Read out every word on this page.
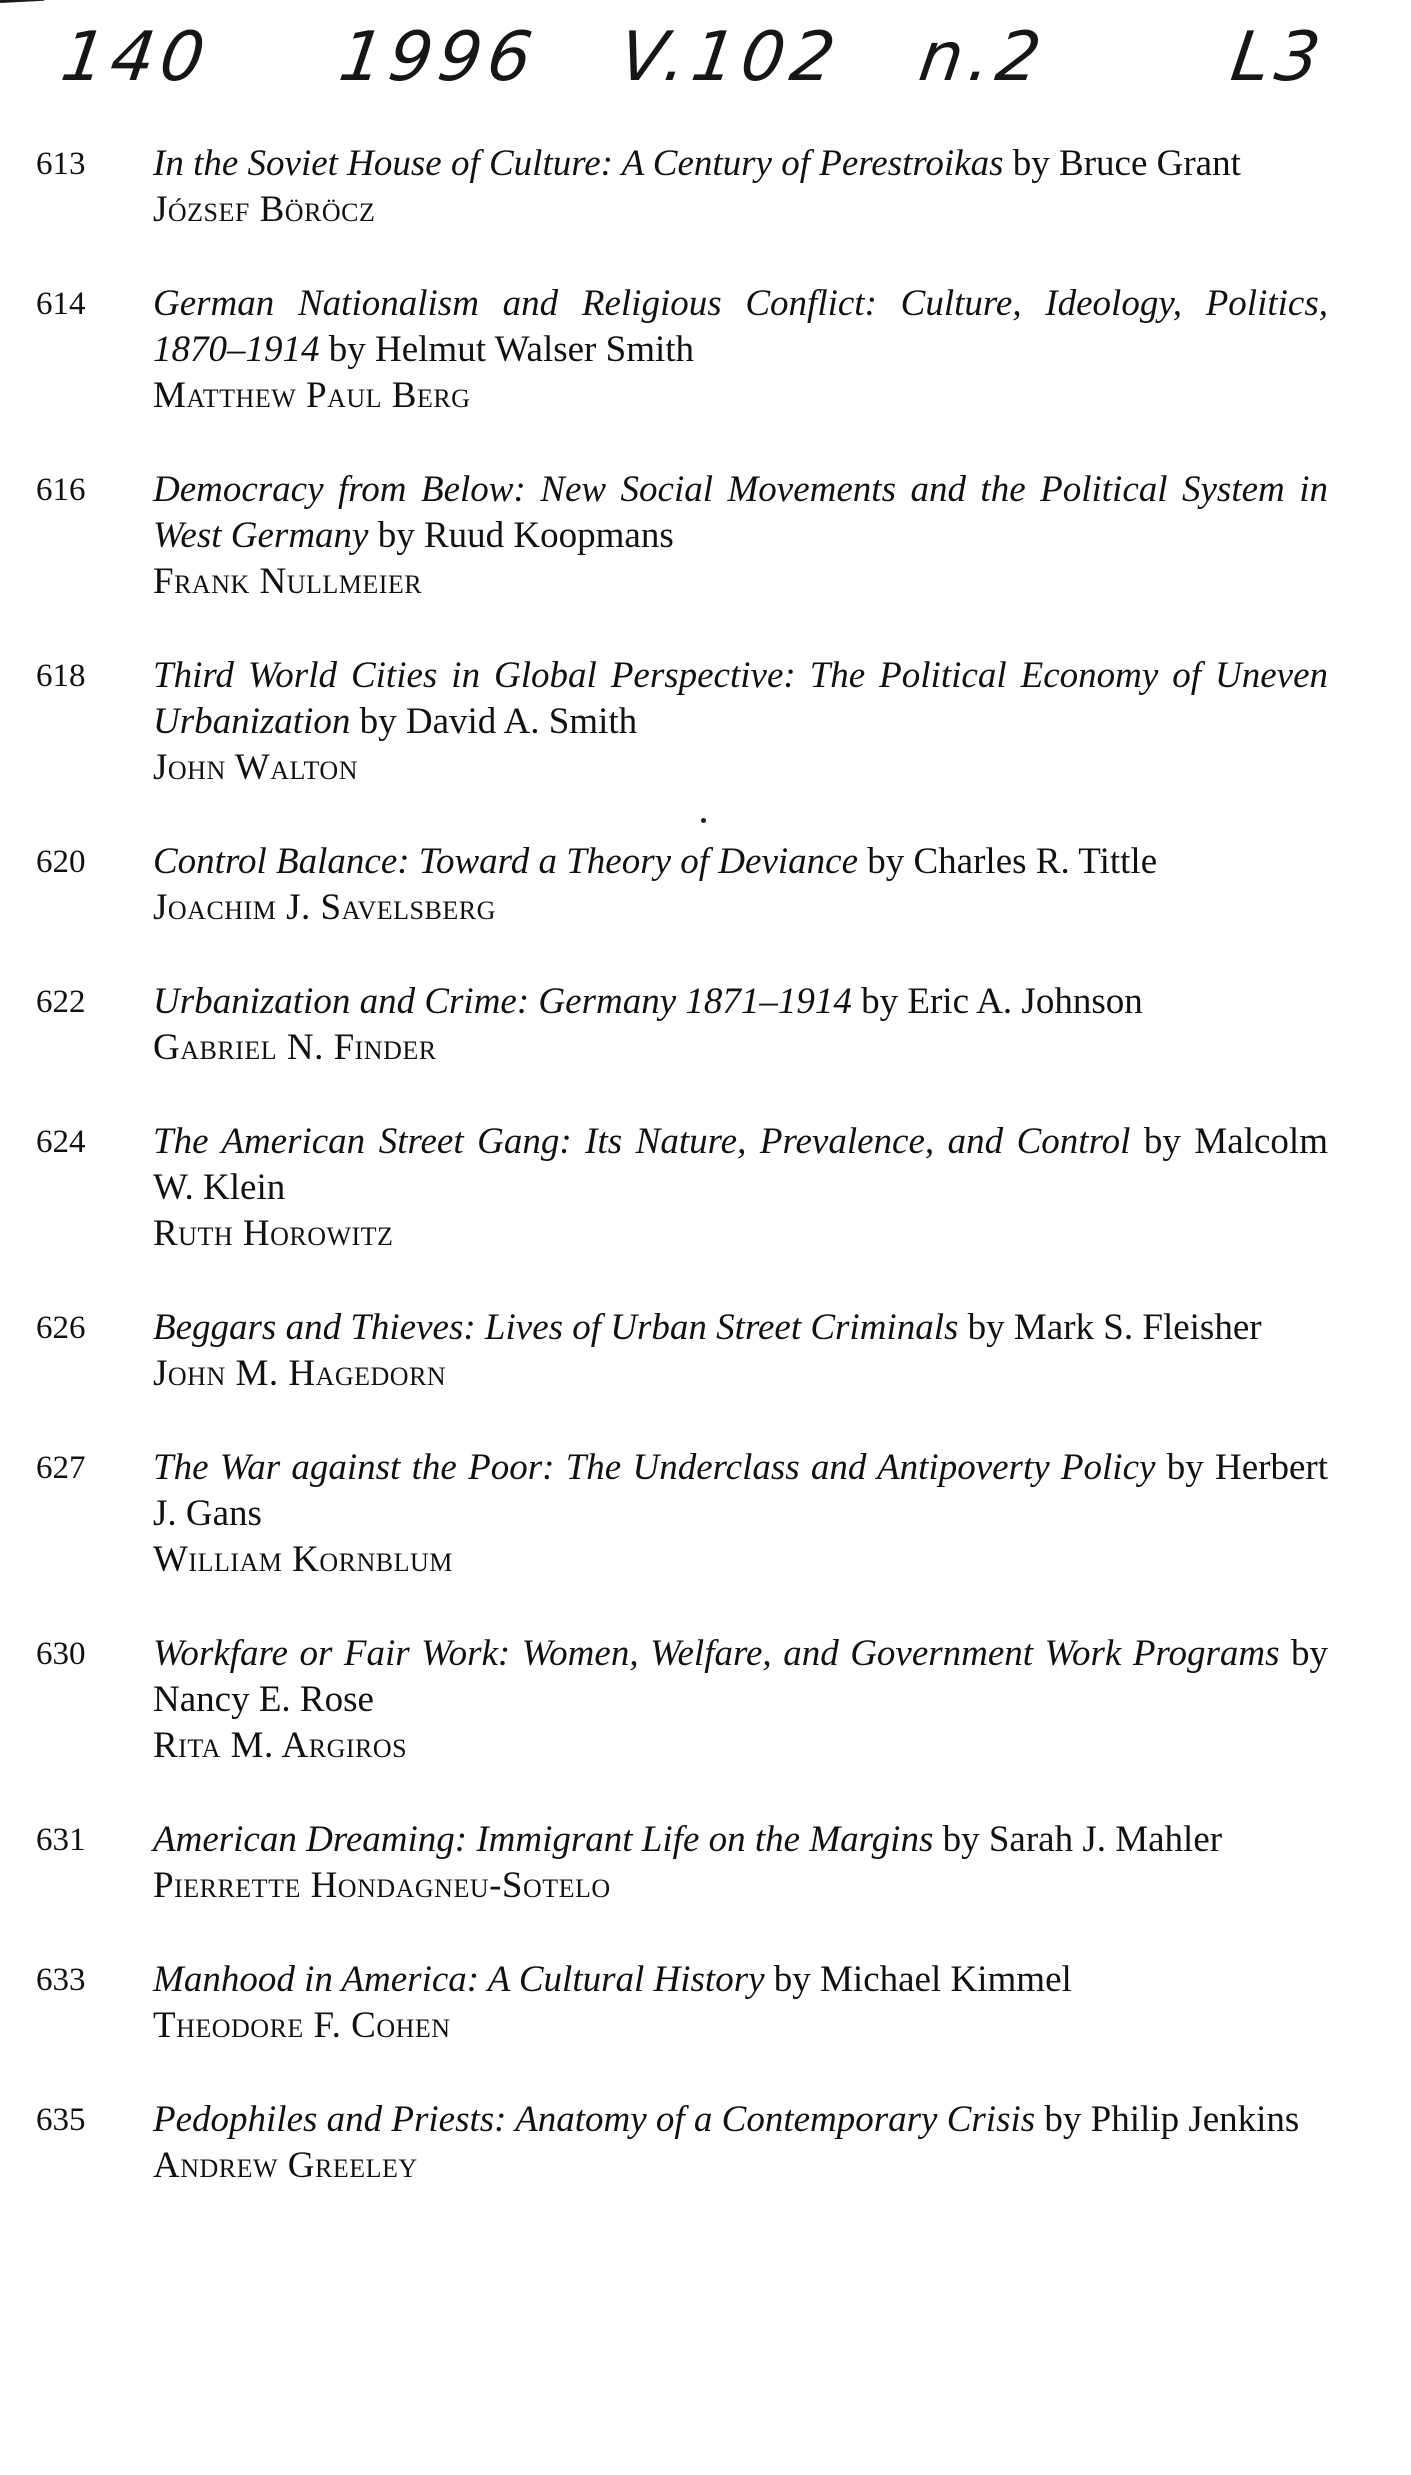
140 1996 V.102 n.2	L3
613	In the Soviet House of Culture: A Century of Perestroikas by Bruce Grant
József Böröcz
614	German Nationalism and Religious Conflict: Culture, Ideology, Politics, 1870–1914 by Helmut Walser Smith
Matthew Paul Berg
616	Democracy from Below: New Social Movements and the Political System in West Germany by Ruud Koopmans
Frank Nullmeier
618	Third World Cities in Global Perspective: The Political Economy of Uneven Urbanization by David A. Smith
John Walton
620	Control Balance: Toward a Theory of Deviance by Charles R. Tittle
Joachim J. Savelsberg
622	Urbanization and Crime: Germany 1871–1914 by Eric A. Johnson
Gabriel N. Finder
624	The American Street Gang: Its Nature, Prevalence, and Control by Malcolm W. Klein
Ruth Horowitz
626	Beggars and Thieves: Lives of Urban Street Criminals by Mark S. Fleisher
John M. Hagedorn
627	The War against the Poor: The Underclass and Antipoverty Policy by Herbert J. Gans
William Kornblum
630	Workfare or Fair Work: Women, Welfare, and Government Work Programs by Nancy E. Rose
Rita M. Argiros
631	American Dreaming: Immigrant Life on the Margins by Sarah J. Mahler
Pierrette Hondagneu-Sotelo
633	Manhood in America: A Cultural History by Michael Kimmel
Theodore F. Cohen
635	Pedophiles and Priests: Anatomy of a Contemporary Crisis by Philip Jenkins
Andrew Greeley
